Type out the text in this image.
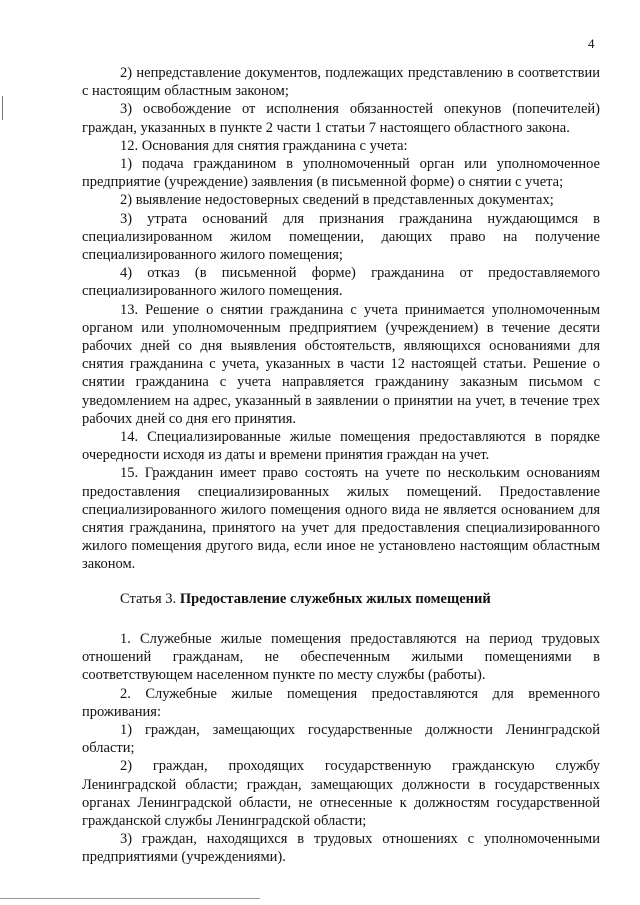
4

2) непредставление документов, подлежащих представлению в соответствии с настоящим областным законом;

3) освобождение от исполнения обязанностей опекунов (попечителей) граждан, указанных в пункте 2 части 1 статьи 7 настоящего областного закона.

12. Основания для снятия гражданина с учета:

1) подача гражданином в уполномоченный орган или уполномоченное предприятие (учреждение) заявления (в письменной форме) о снятии с учета;

2) выявление недостоверных сведений в представленных документах;

3) утрата оснований для признания гражданина нуждающимся в специализированном жилом помещении, дающих право на получение специализированного жилого помещения;

4) отказ (в письменной форме) гражданина от предоставляемого специализированного жилого помещения.

13. Решение о снятии гражданина с учета принимается уполномоченным органом или уполномоченным предприятием (учреждением) в течение десяти рабочих дней со дня выявления обстоятельств, являющихся основаниями для снятия гражданина с учета, указанных в части 12 настоящей статьи. Решение о снятии гражданина с учета направляется гражданину заказным письмом с уведомлением на адрес, указанный в заявлении о принятии на учет, в течение трех рабочих дней со дня его принятия.

14. Специализированные жилые помещения предоставляются в порядке очередности исходя из даты и времени принятия граждан на учет.

15. Гражданин имеет право состоять на учете по нескольким основаниям предоставления специализированных жилых помещений. Предоставление специализированного жилого помещения одного вида не является основанием для снятия гражданина, принятого на учет для предоставления специализированного жилого помещения другого вида, если иное не установлено настоящим областным законом.

Статья 3. Предоставление служебных жилых помещений

1. Служебные жилые помещения предоставляются на период трудовых отношений гражданам, не обеспеченным жилыми помещениями в соответствующем населенном пункте по месту службы (работы).

2. Служебные жилые помещения предоставляются для временного проживания:

1) граждан, замещающих государственные должности Ленинградской области;

2) граждан, проходящих государственную гражданскую службу Ленинградской области; граждан, замещающих должности в государственных органах Ленинградской области, не отнесенные к должностям государственной гражданской службы Ленинградской области;

3) граждан, находящихся в трудовых отношениях с уполномоченными предприятиями (учреждениями).
